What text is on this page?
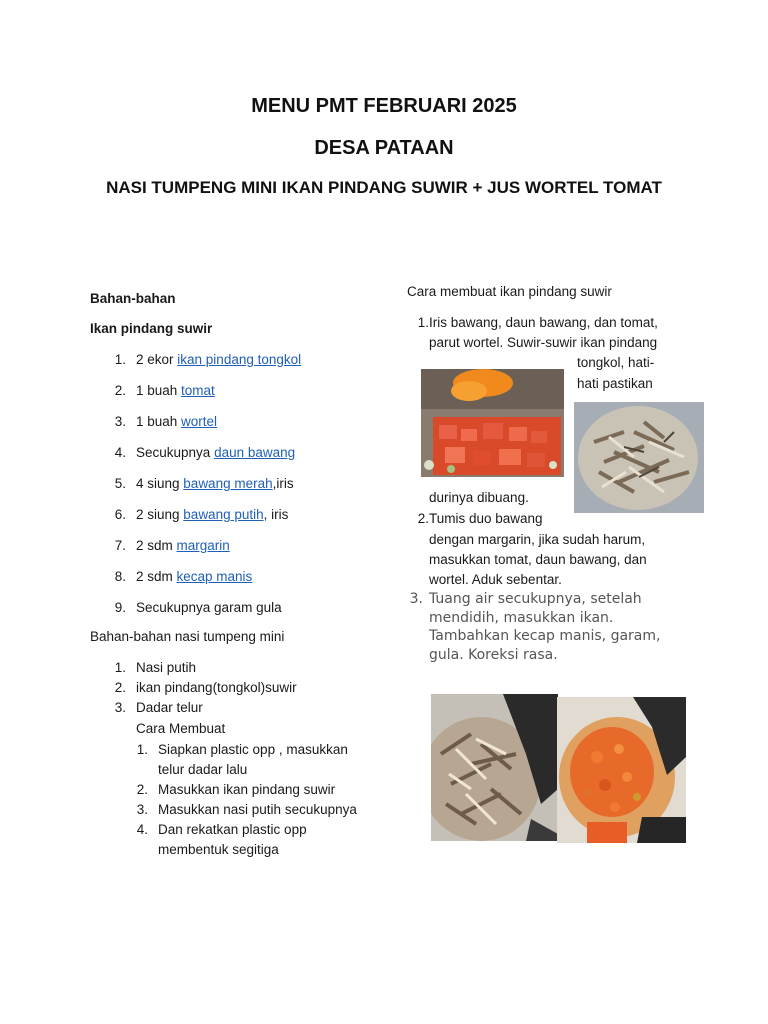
MENU PMT FEBRUARI 2025
DESA PATAAN
NASI TUMPENG MINI IKAN PINDANG SUWIR + JUS WORTEL TOMAT
Bahan-bahan
Ikan pindang suwir
1. 2 ekor ikan pindang tongkol
2. 1 buah tomat
3. 1 buah wortel
4. Secukupnya daun bawang
5. 4 siung bawang merah,iris
6. 2 siung bawang putih, iris
7. 2 sdm margarin
8. 2 sdm kecap manis
9. Secukupnya garam gula
Bahan-bahan nasi tumpeng mini
1. Nasi putih
2. ikan pindang(tongkol)suwir
3. Dadar telur
Cara Membuat
1. Siapkan plastic opp , masukkan
telur dadar lalu
2. Masukkan ikan pindang suwir
3. Masukkan nasi putih secukupnya
4. Dan rekatkan plastic opp
membentuk segitiga
Cara membuat ikan pindang suwir
1. Iris bawang, daun bawang, dan tomat,
parut wortel. Suwir-suwir ikan pindang
tongkol, hati-
hati pastikan
durinya dibuang.
2. Tumis duo bawang
dengan margarin, jika sudah harum,
masukkan tomat, daun bawang, dan
wortel. Aduk sebentar.
3. Tuang air secukupnya, setelah
mendidih, masukkan ikan.
Tambahkan kecap manis, garam,
gula. Koreksi rasa.
